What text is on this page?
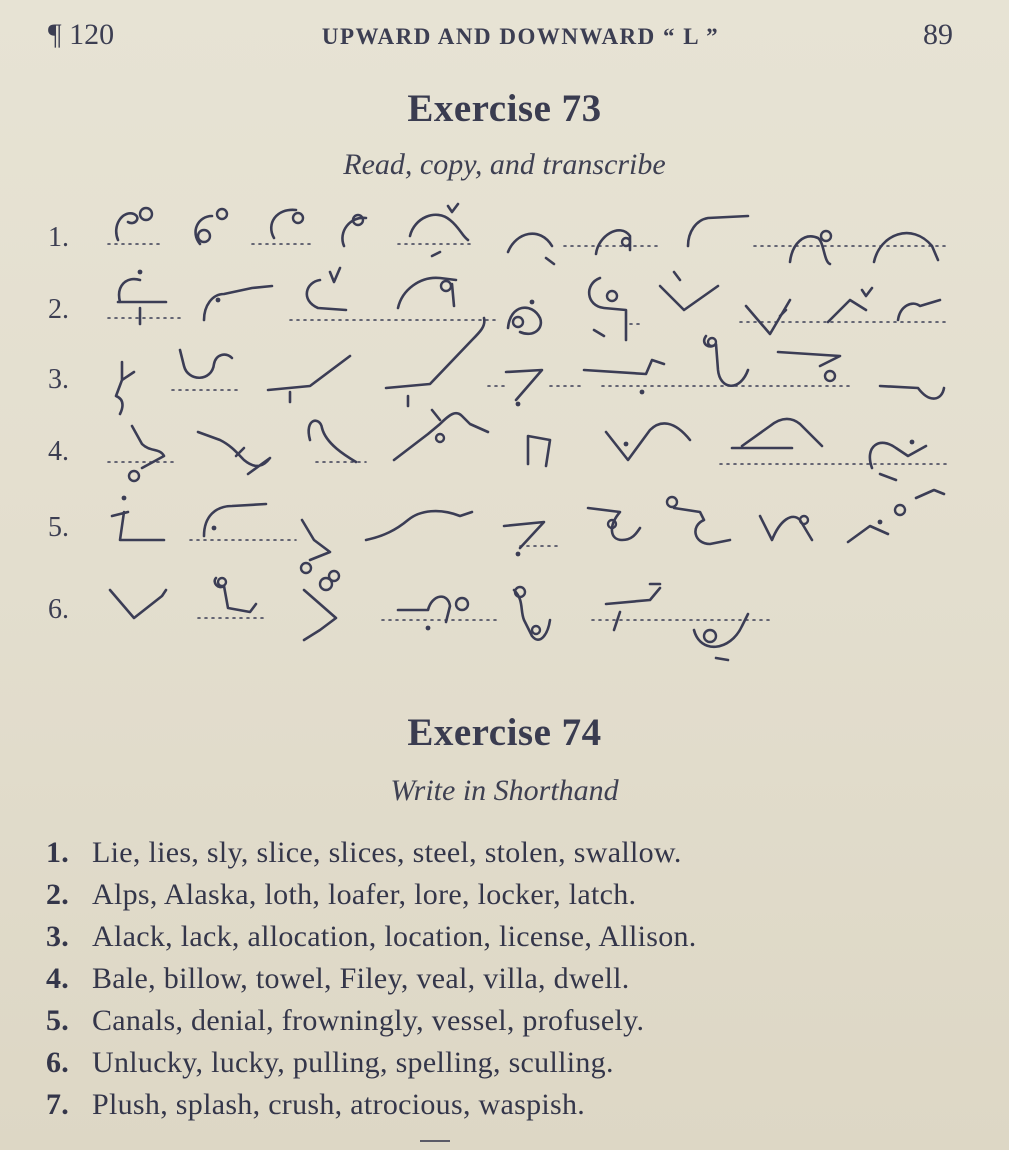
¶ 120	UPWARD AND DOWNWARD “ L ”	89
Exercise 73
Read, copy, and transcribe
1.
2.
3.
4.
5.
6.
Exercise 74
Write in Shorthand
1. Lie, lies, sly, slice, slices, steel, stolen, swallow.
2. Alps, Alaska, loth, loafer, lore, locker, latch.
3. Alack, lack, allocation, location, license, Allison.
4. Bale, billow, towel, Filey, veal, villa, dwell.
5. Canals, denial, frowningly, vessel, profusely.
6. Unlucky, lucky, pulling, spelling, sculling.
7. Plush, splash, crush, atrocious, waspish.
